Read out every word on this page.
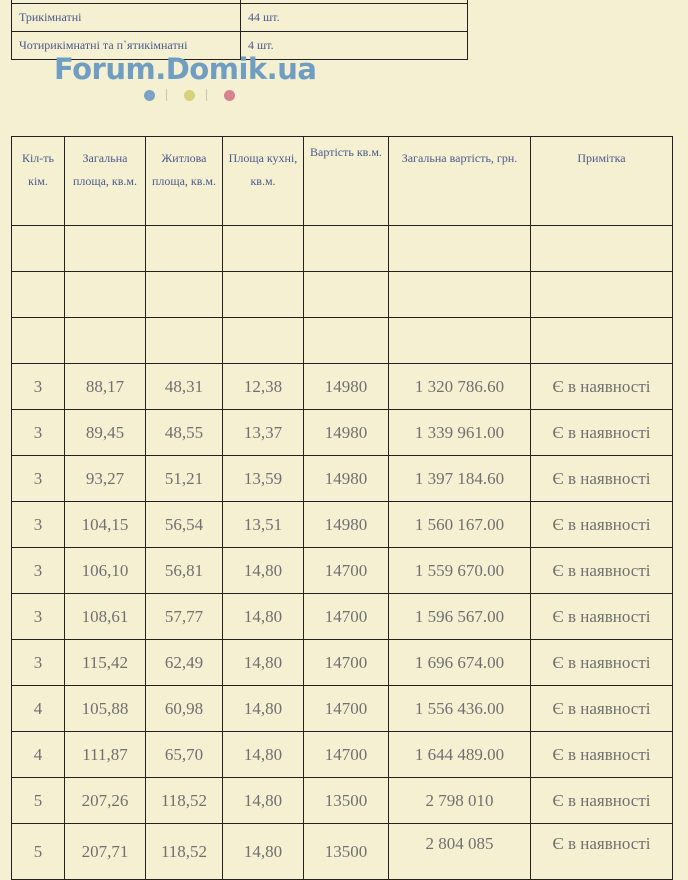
Трикімнатні	44 шт.
Чотирикімнатні та п`ятикімнатні	4 шт.
Forum.Domik.ua
Кіл-ть кім.	Загальна площа, кв.м.	Житлова площа, кв.м.	Площа кухні, кв.м.	Вартість кв.м.	Загальна вартість, грн.	Примітка

3	88,17	48,31	12,38	14980	1 320 786.60	Є в наявності
3	89,45	48,55	13,37	14980	1 339 961.00	Є в наявності
3	93,27	51,21	13,59	14980	1 397 184.60	Є в наявності
3	104,15	56,54	13,51	14980	1 560 167.00	Є в наявності
3	106,10	56,81	14,80	14700	1 559 670.00	Є в наявності
3	108,61	57,77	14,80	14700	1 596 567.00	Є в наявності
3	115,42	62,49	14,80	14700	1 696 674.00	Є в наявності
4	105,88	60,98	14,80	14700	1 556 436.00	Є в наявності
4	111,87	65,70	14,80	14700	1 644 489.00	Є в наявності
5	207,26	118,52	14,80	13500	2 798 010	Є в наявності
5	207,71	118,52	14,80	13500	2 804 085	Є в наявності
